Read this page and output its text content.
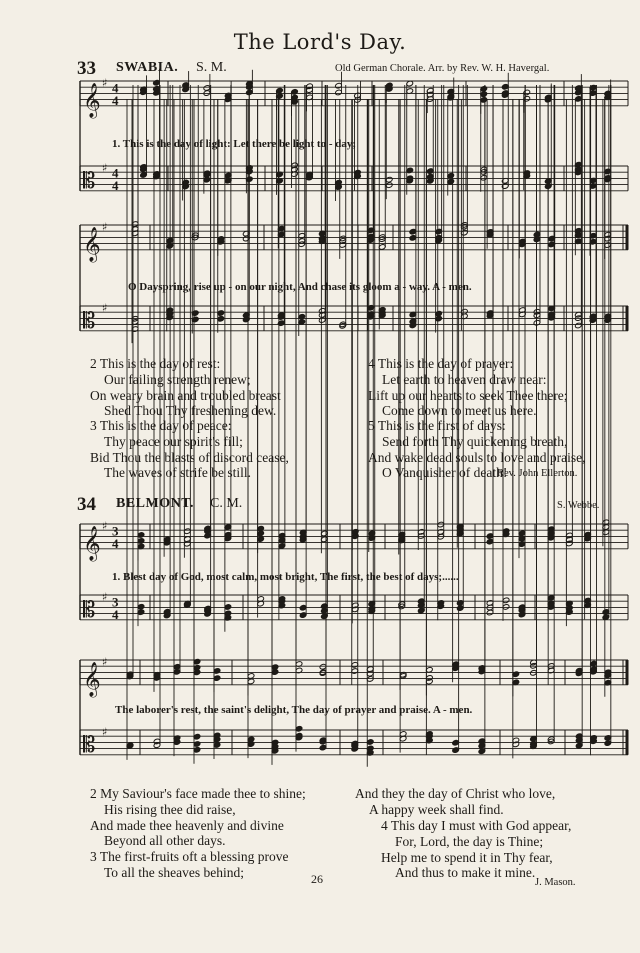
The Lord's Day.
33 SWABIA. S. M.	Old German Chorale. Arr. by Rev. W. H. Havergal.
1. This is the day of light: Let there be light to - day;
O Dayspring, rise up - on our night, And chase its gloom a - way. A - men.
2 This is the day of rest:
Our failing strength renew;
On weary brain and troubled breast
Shed Thou Thy freshening dew.
3 This is the day of peace:
Thy peace our spirit's fill;
Bid Thou the blasts of discord cease,
The waves of strife be still.
4 This is the day of prayer:
Let earth to heaven draw near:
Lift up our hearts to seek Thee there;
Come down to meet us here.
5 This is the first of days:
Send forth Thy quickening breath,
And wake dead souls to love and praise,
O Vanquisher of death!
Rev. John Ellerton.
34 BELMONT. C. M.	S. Webbe.
1. Blest day of God, most calm, most bright, The first, the best of days;......
The laborer's rest, the saint's delight, The day of prayer and praise. A - men.
2 My Saviour's face made thee to shine;
His rising thee did raise,
And made thee heavenly and divine
Beyond all other days.
3 The first-fruits oft a blessing prove
To all the sheaves behind;
And they the day of Christ who love,
A happy week shall find.
4 This day I must with God appear,
For, Lord, the day is Thine;
Help me to spend it in Thy fear,
And thus to make it mine.
J. Mason.
26
𝄞 ♯ 4
4
𝄡
♯ 4
4
𝄞 ♯
𝄡
♯
𝄞 ♯ 3
4
𝄡
♯ 3
4
𝄞 ♯
𝄡
♯
